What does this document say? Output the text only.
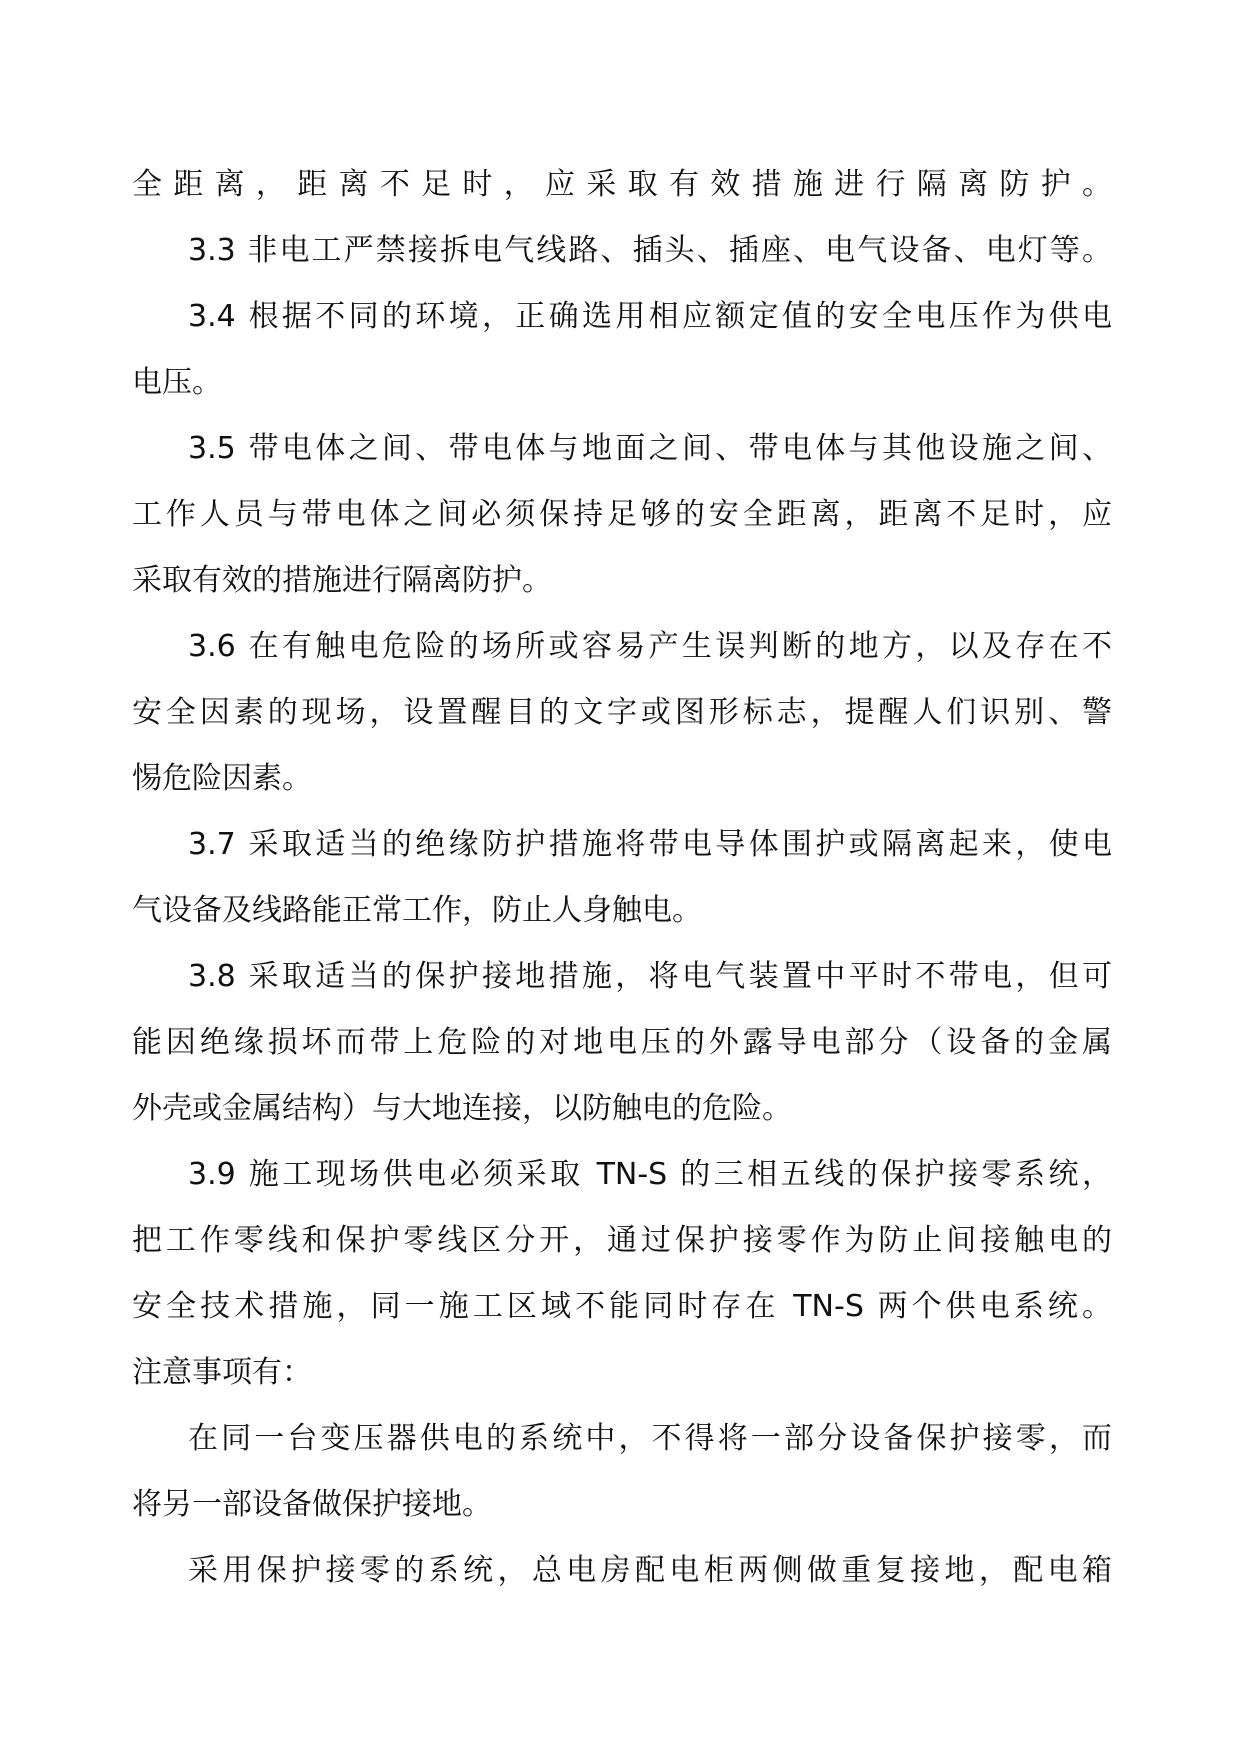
全距离，距离不足时，应采取有效措施进行隔离防护。
3.3 非电工严禁接拆电气线路、插头、插座、电气设备、电灯等。
3.4 根据不同的环境，正确选用相应额定值的安全电压作为供电
电压。
3.5 带电体之间、带电体与地面之间、带电体与其他设施之间、
工作人员与带电体之间必须保持足够的安全距离，距离不足时，应
采取有效的措施进行隔离防护。
3.6 在有触电危险的场所或容易产生误判断的地方，以及存在不
安全因素的现场，设置醒目的文字或图形标志，提醒人们识别、警
惕危险因素。
3.7 采取适当的绝缘防护措施将带电导体围护或隔离起来，使电
气设备及线路能正常工作，防止人身触电。
3.8 采取适当的保护接地措施，将电气装置中平时不带电，但可
能因绝缘损坏而带上危险的对地电压的外露导电部分（设备的金属
外壳或金属结构）与大地连接，以防触电的危险。
3.9 施工现场供电必须采取 TN-S 的三相五线的保护接零系统，
把工作零线和保护零线区分开，通过保护接零作为防止间接触电的
安全技术措施，同一施工区域不能同时存在 TN-S 两个供电系统。
注意事项有：
在同一台变压器供电的系统中，不得将一部分设备保护接零，而
将另一部设备做保护接地。
采用保护接零的系统，总电房配电柜两侧做重复接地，配电箱
